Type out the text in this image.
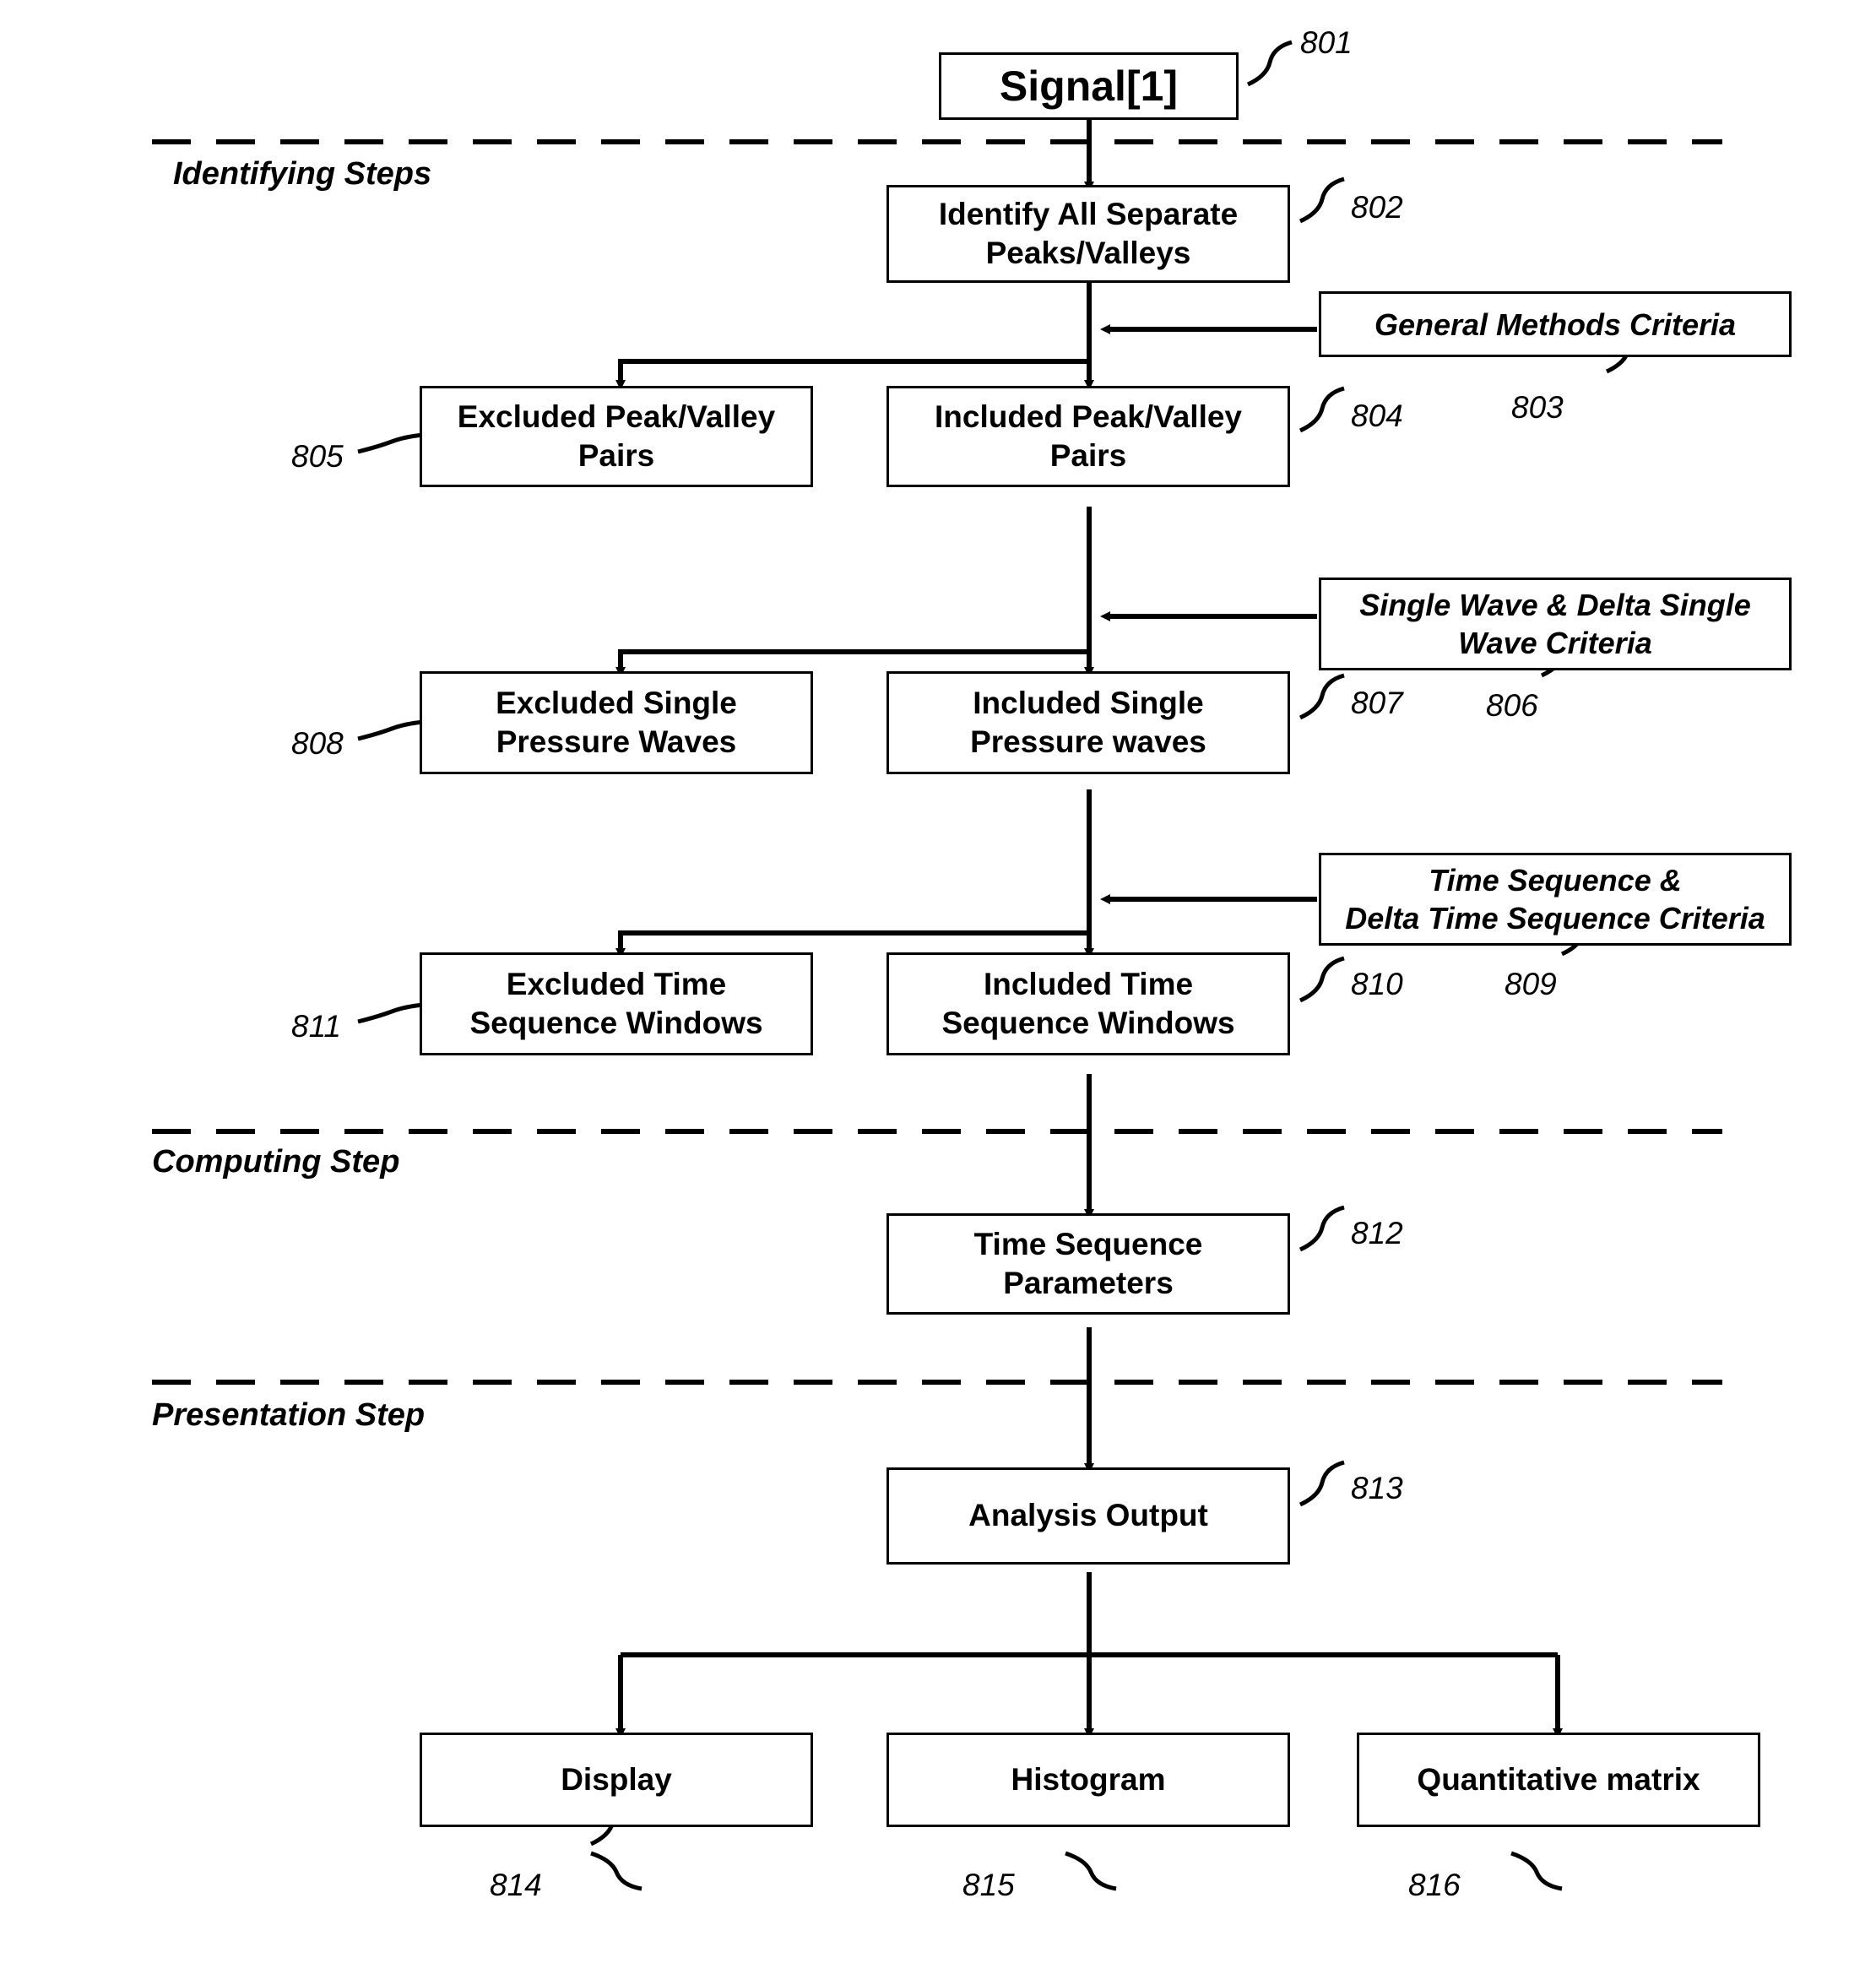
Identifying Steps
Computing Step
Presentation Step
Signal[1]
Identify All Separate
Peaks/Valleys
General Methods Criteria
Included Peak/Valley
Pairs
Excluded Peak/Valley
Pairs
Single Wave & Delta Single
Wave Criteria
Included Single
Pressure waves
Excluded Single
Pressure Waves
Time Sequence &
Delta Time Sequence Criteria
Included Time
Sequence Windows
Excluded Time
Sequence Windows
Time Sequence
Parameters
Analysis Output
Display	Histogram	Quantitative matrix
801
802
803
804
805
806
807
808
809
810
811
812
813
814	815	816
